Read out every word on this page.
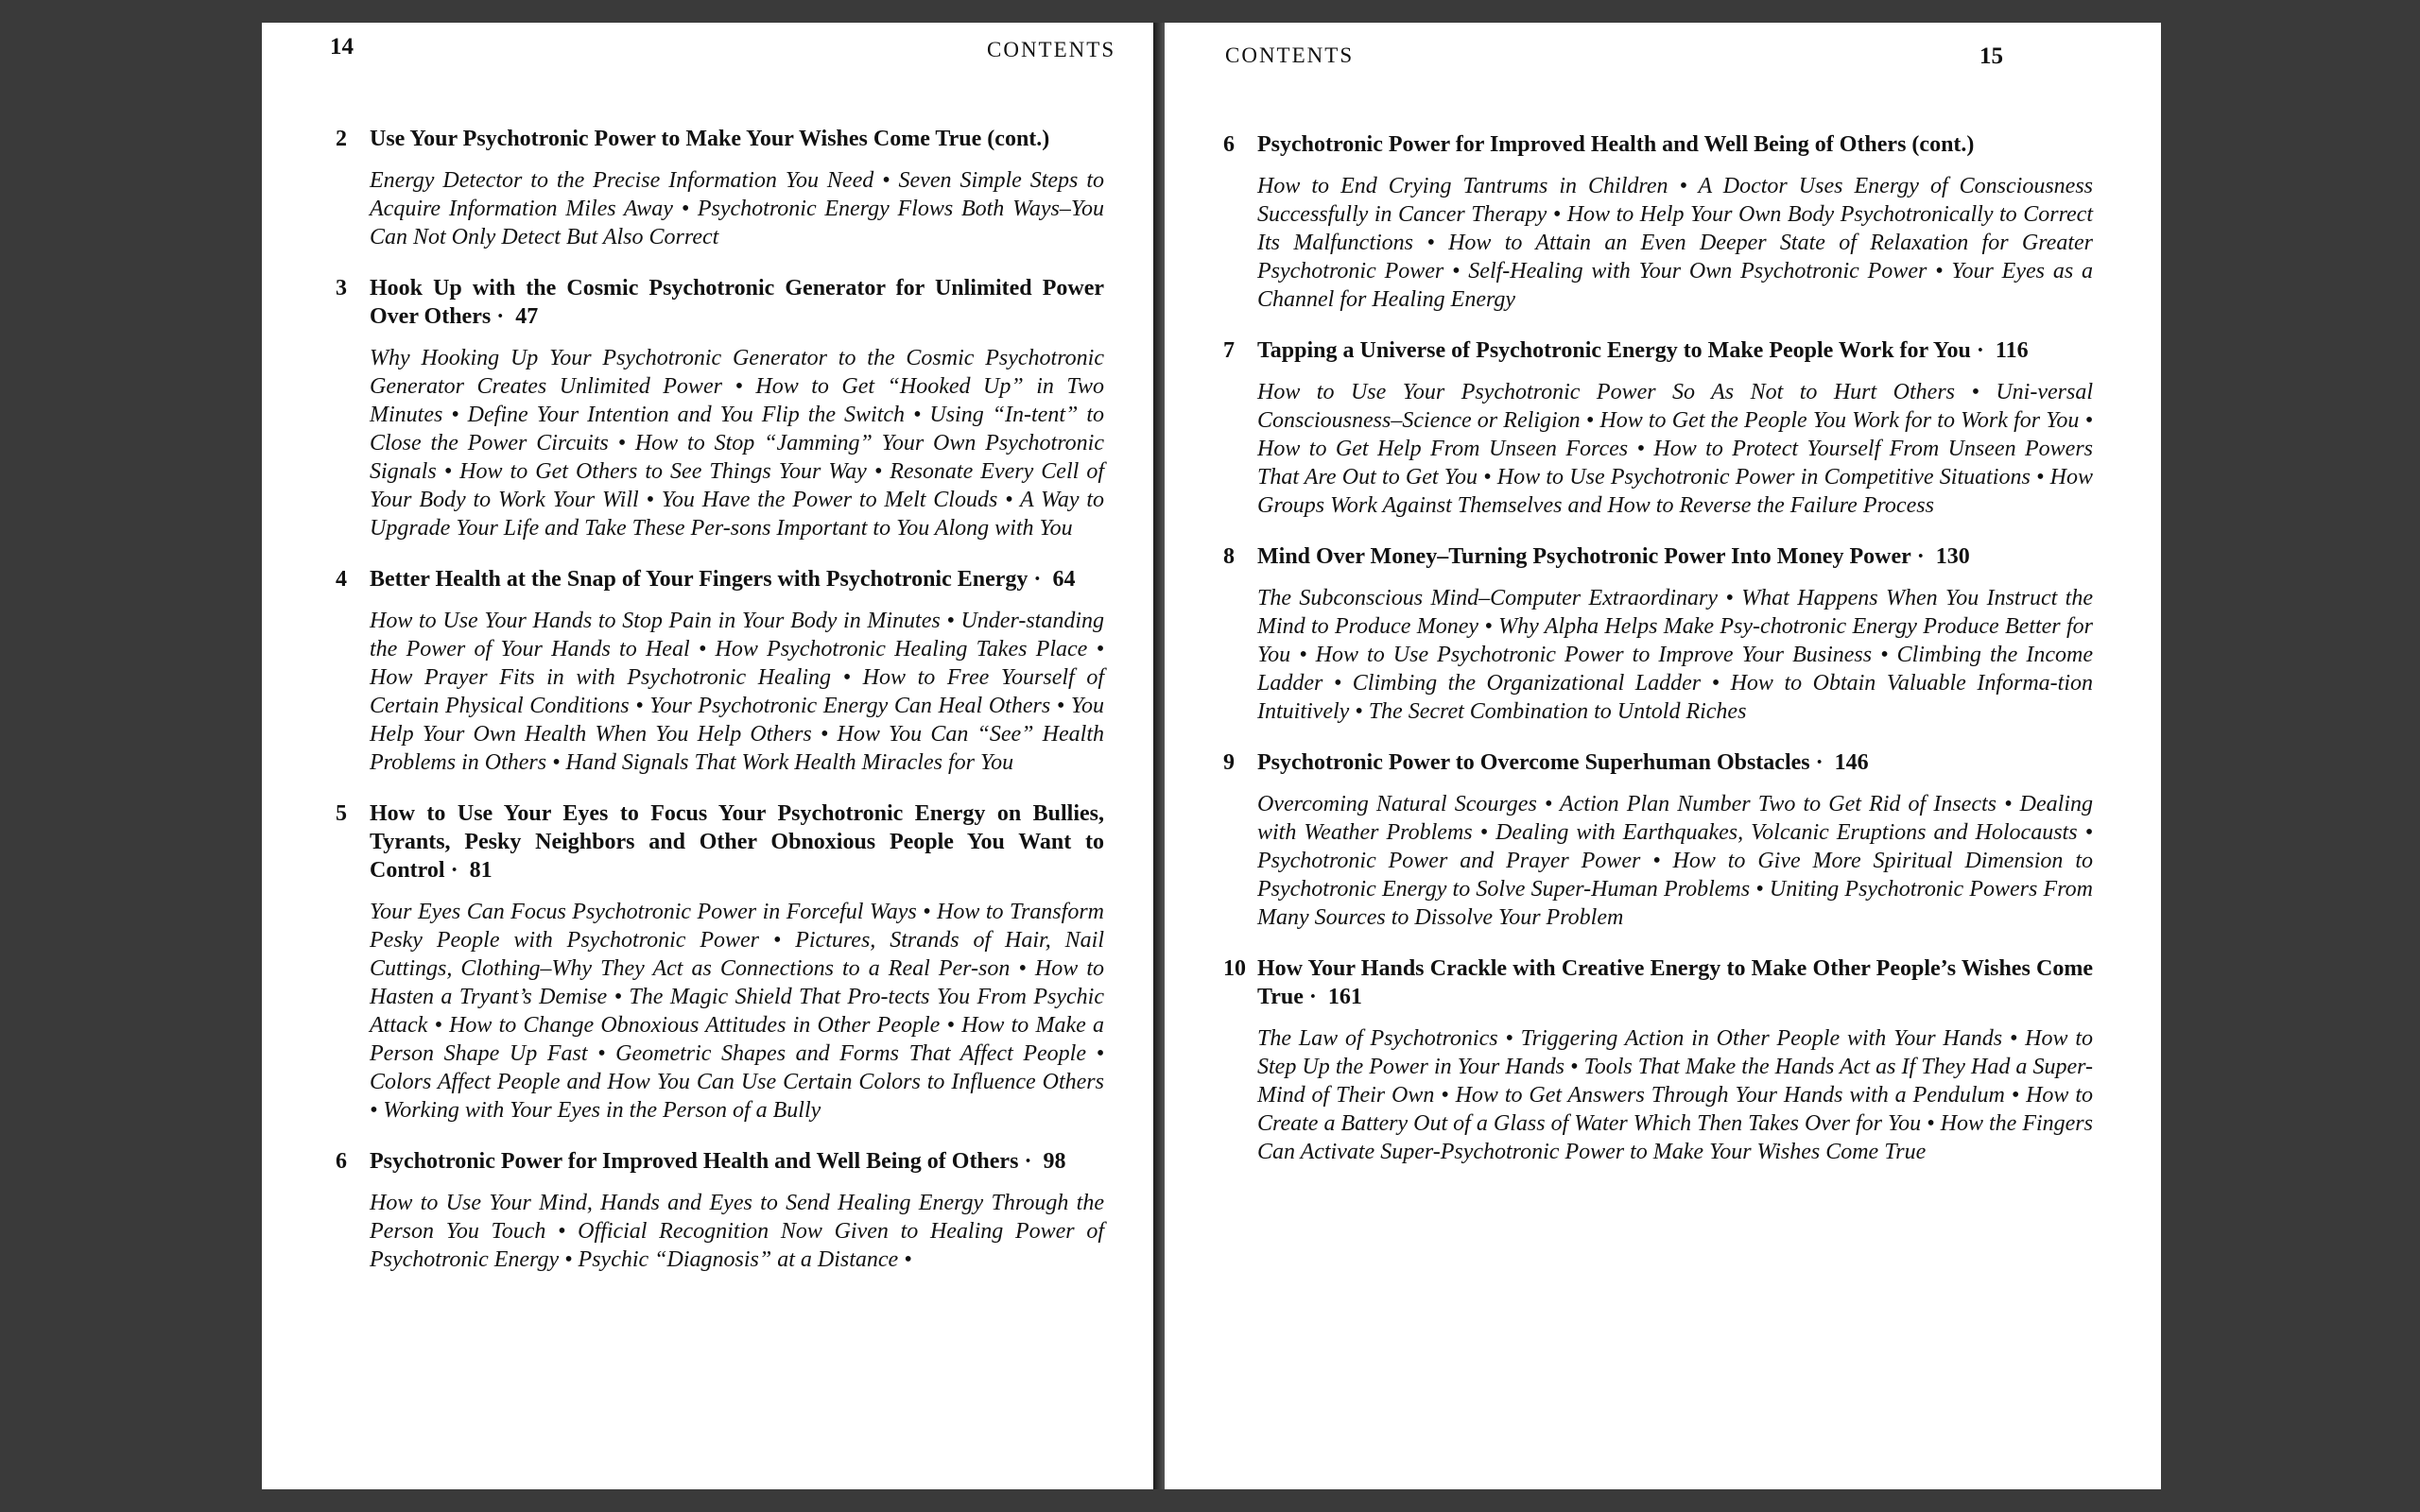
14	CONTENTS
2	Use Your Psychotronic Power to Make Your Wishes Come True (cont.)
Energy Detector to the Precise Information You Need • Seven Simple Steps to Acquire Information Miles Away • Psychotronic Energy Flows Both Ways–You Can Not Only Detect But Also Correct
3	Hook Up with the Cosmic Psychotronic Generator for Unlimited Power Over Others ·  47
Why Hooking Up Your Psychotronic Generator to the Cosmic Psychotronic Generator Creates Unlimited Power • How to Get “Hooked Up” in Two Minutes • Define Your Intention and You Flip the Switch • Using “In-tent” to Close the Power Circuits • How to Stop “Jamming” Your Own Psychotronic Signals • How to Get Others to See Things Your Way • Resonate Every Cell of Your Body to Work Your Will • You Have the Power to Melt Clouds • A Way to Upgrade Your Life and Take These Per-sons Important to You Along with You
4	Better Health at the Snap of Your Fingers with Psychotronic Energy ·  64
How to Use Your Hands to Stop Pain in Your Body in Minutes • Under-standing the Power of Your Hands to Heal • How Psychotronic Healing Takes Place • How Prayer Fits in with Psychotronic Healing • How to Free Yourself of Certain Physical Conditions • Your Psychotronic Energy Can Heal Others • You Help Your Own Health When You Help Others • How You Can “See” Health Problems in Others • Hand Signals That Work Health Miracles for You
5	How to Use Your Eyes to Focus Your Psychotronic Energy on Bullies, Tyrants, Pesky Neighbors and Other Obnoxious People You Want to Control ·  81
Your Eyes Can Focus Psychotronic Power in Forceful Ways • How to Transform Pesky People with Psychotronic Power • Pictures, Strands of Hair, Nail Cuttings, Clothing–Why They Act as Connections to a Real Per-son • How to Hasten a Tryant’s Demise • The Magic Shield That Pro-tects You From Psychic Attack • How to Change Obnoxious Attitudes in Other People • How to Make a Person Shape Up Fast • Geometric Shapes and Forms That Affect People • Colors Affect People and How You Can Use Certain Colors to Influence Others • Working with Your Eyes in the Person of a Bully
6	Psychotronic Power for Improved Health and Well Being of Others ·  98
How to Use Your Mind, Hands and Eyes to Send Healing Energy Through the Person You Touch • Official Recognition Now Given to Healing Power of Psychotronic Energy • Psychic “Diagnosis” at a Distance •
CONTENTS	15
6	Psychotronic Power for Improved Health and Well Being of Others (cont.)
How to End Crying Tantrums in Children • A Doctor Uses Energy of Consciousness Successfully in Cancer Therapy • How to Help Your Own Body Psychotronically to Correct Its Malfunctions • How to Attain an Even Deeper State of Relaxation for Greater Psychotronic Power • Self-Healing with Your Own Psychotronic Power • Your Eyes as a Channel for Healing Energy
7	Tapping a Universe of Psychotronic Energy to Make People Work for You ·  116
How to Use Your Psychotronic Power So As Not to Hurt Others • Uni-versal Consciousness–Science or Religion • How to Get the People You Work for to Work for You • How to Get Help From Unseen Forces • How to Protect Yourself From Unseen Powers That Are Out to Get You • How to Use Psychotronic Power in Competitive Situations • How Groups Work Against Themselves and How to Reverse the Failure Process
8	Mind Over Money–Turning Psychotronic Power Into Money Power ·  130
The Subconscious Mind–Computer Extraordinary • What Happens When You Instruct the Mind to Produce Money • Why Alpha Helps Make Psy-chotronic Energy Produce Better for You • How to Use Psychotronic Power to Improve Your Business • Climbing the Income Ladder • Climbing the Organizational Ladder • How to Obtain Valuable Informa-tion Intuitively • The Secret Combination to Untold Riches
9	Psychotronic Power to Overcome Superhuman Obstacles ·  146
Overcoming Natural Scourges • Action Plan Number Two to Get Rid of Insects • Dealing with Weather Problems • Dealing with Earthquakes, Volcanic Eruptions and Holocausts • Psychotronic Power and Prayer Power • How to Give More Spiritual Dimension to Psychotronic Energy to Solve Super-Human Problems • Uniting Psychotronic Powers From Many Sources to Dissolve Your Problem
10 How Your Hands Crackle with Creative Energy to Make Other People’s Wishes Come True ·  161
The Law of Psychotronics • Triggering Action in Other People with Your Hands • How to Step Up the Power in Your Hands • Tools That Make the Hands Act as If They Had a Super-Mind of Their Own • How to Get Answers Through Your Hands with a Pendulum • How to Create a Battery Out of a Glass of Water Which Then Takes Over for You • How the Fingers Can Activate Super-Psychotronic Power to Make Your Wishes Come True
